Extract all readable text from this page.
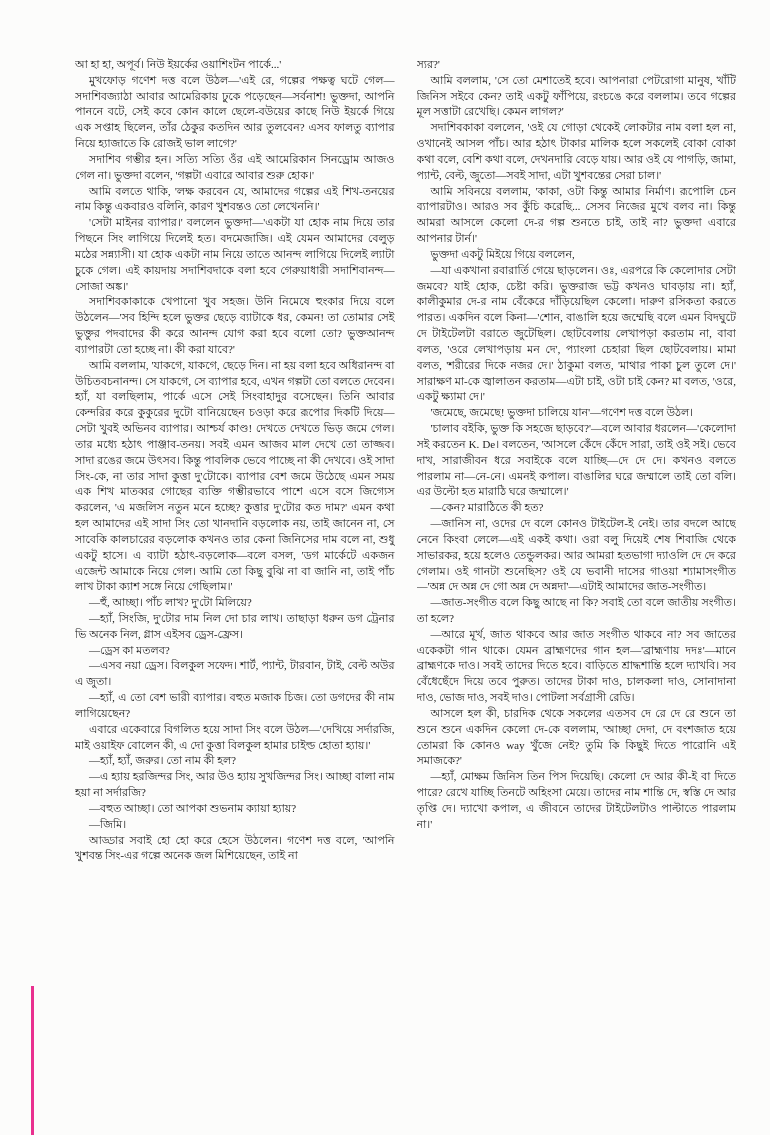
আ হা হা, অপূর্ব। নিউ ইয়র্কের ওয়াশিংটন পার্কে...'

মুখফোড় গণেশ দত্ত বলে উঠল—'এই রে, গল্পের পক্ষত্ব ঘটে গেল—সদাশিবজ্যাঠা আবার আমেরিকায় ঢুকে পড়েছেন—সর্বনাশ! ভুক্তদা, আপনি পাননে বটে, সেই কবে কোন কালে ছেলে-বউয়ের কাছে নিউ ইয়র্কে গিয়ে এক সপ্তাহ ছিলেন, তাঁর ঠেকুর কতদিন আর তুলবেন? এসব ফালতু ব্যাপার নিয়ে হ্যাজাতে কি রোজই ভাল লাগে?'

সদাশিব গম্ভীর হন। সত্যি সত্যি ওঁর এই আমেরিকান সিনড্রোম আজও গেল না। ভুক্তদা বলেন, 'গল্পটা এবারে আবার শুরু হোক।'

আমি বলতে থাকি, 'লক্ষ করবেন যে, আমাদের গল্পের এই শিখ-তনয়ের নাম কিন্তু একবারও বলিনি, কারণ খুশবন্তও তো লেখেননি।'

'সেটা মাইনর ব্যাপার।' বললেন ভুক্তদা—'একটা যা হোক নাম দিয়ে তার পিছনে সিং লাগিয়ে দিলেই হত। বদমেজাজি। এই যেমন আমাদের বেলুড় মঠের সন্ন্যাসী। যা হোক একটা নাম নিয়ে তাতে আনন্দ লাগিয়ে দিলেই ল্যাটা চুকে গেল। এই কায়দায় সদাশিবদাকে বলা হবে গেরুয়াধারী সদাশিবানন্দ—সোজা অঙ্ক।'

সদাশিবকাকাকে খেপানো খুব সহজ। উনি নিমেষে হুংকার দিয়ে বলে উঠলেন—'সব হিন্দি হলে ভুক্তর ছেড়ে ব্যাটাকে ধর, কেমন! তা তোমার সেই ভুক্তুর পদবাদের কী করে আনন্দ যোগ করা হবে বলো তো? ভুক্তআনন্দ ব্যাপারটা তো হচ্ছে না। কী করা যাবে?'

আমি বললাম, 'যাকগে, যাকগে, ছেড়ে দিন। না হয় বলা হবে অধিরানন্দ বা উচিতবচনানন্দ। সে যাকগে, সে ব্যাপার হবে, এখন গল্পটা তো বলতে দেবেন। হ্যাঁ, যা বলছিলাম, পার্কে এসে সেই সিংবাহাদুর বসেছেন। তিনি আবার কেন্দরির করে কুকুরের দুটো বানিয়েছেন চওড়া করে রূপোর দিকটি দিয়ে—সেটা খুবই অভিনব ব্যাপার। আশ্চর্য কাণ্ড! দেখতে দেখতে ভিড় জমে গেল। তার মধ্যে হঠাৎ পাঞ্জাব-তনয়। সবই এমন আজব মাল দেখে তো তাজ্জব। সাদা রঙের জমে উৎসব। কিন্তু পাবলিক ভেবে পাচ্ছে না কী দেখবে। ওই সাদা সিং-কে, না তার সাদা কুত্তা দু'টোকে। ব্যাপার বেশ জমে উঠেছে এমন সময় এক শিখ মাতব্বর গোছের ব্যক্তি গম্ভীরভাবে পাশে এসে বসে জিগ্যেস করলেন, 'এ মজলিস নতুন মনে হচ্ছে? কুত্তার দু'টোর কত দাম?' এমন কথা হল আমাদের এই সাদা সিং তো খানদানি বড়লোক নয়, তাই জানেন না, সে সাবেকি কালচারের বড়লোক কখনও তার কেনা জিনিসের দাম বলে না, শুধু একটু হাসে। এ ব্যাটা হঠাৎ-বড়লোক—বলে বসল, 'ডগ মার্কেটে একজন এজেন্ট আমাকে নিয়ে গেল। আমি তো কিছু বুঝি না বা জানি না, তাই পাঁচ লাখ টাকা ক্যাশ সঙ্গে নিয়ে গেছিলাম।'

—হুঁ, আচ্ছা। পাঁচ লাখ? দু'টো মিলিয়ে?

—হ্যাঁ, সিংজি, দু'টোর দাম নিল দো চার লাখ। তাছাড়া ধরুন ডগ ট্রেনার ভি অনেক নিল, গ্লাস এইসব ড্রেস-ফ্রেস।

—ড্রেস কা মতলব?

—এসব নয়া ড্রেস। বিলকুল সফেদ। শার্ট, প্যান্ট, টারবান, টাই, বেল্ট অউর এ জুতা।

—হ্যাঁ, এ তো বেশ ভারী ব্যাপার। বহুত মজাক চিজ। তো ডগদের কী নাম লাগিয়েছেন?

এবারে একেবারে বিগলিত হয়ে সাদা সিং বলে উঠল—'দেখিয়ে সর্দারজি, মাই ওয়াইফ বোলেন কী, এ দো কুত্তা বিলকুল হামার চাইল্ড হোতা হ্যায়।'

—হ্যাঁ, হ্যাঁ, জরুর। তো নাম কী হল?

—এ হ্যায় হরজিন্দর সিং, আর উও হ্যায় সুখজিন্দর সিং। আচ্ছা বালা নাম হয়া না সর্দারজি?

—বহুত আচ্ছা। তো আপকা শুভনাম ক্যায়া হ্যায়?

—জিমি।

আড্ডার সবাই হো হো করে হেসে উঠলেন। গণেশ দত্ত বলে, 'আপনি খুশবন্ত সিং-এর গল্পে অনেক জল মিশিয়েছেন, তাই না

স্যর?'

আমি বললাম, 'সে তো মেশাতেই হবে। আপনারা পেটরোগা মানুষ, খাঁটি জিনিস সইবে কেন? তাই একটু ফাঁপিয়ে, রংচঙে করে বললাম। তবে গল্পের মূল সত্তাটা রেখেছি। কেমন লাগল?'

সদাশিবকাকা বললেন, 'ওই যে গোড়া থেকেই লোকটার নাম বলা হল না, ওখানেই আসল পাঁচ। আর হঠাৎ টাকার মালিক হলে সকলেই বোকা বোকা কথা বলে, বেশি কথা বলে, দেখনদারি বেড়ে যায়। আর ওই যে পাগড়ি, জামা, প্যান্ট, বেল্ট, জুতো—সবই সাদা, এটা খুশবন্তের সেরা চাল।'

আমি সবিনয়ে বললাম, 'কাকা, ওটা কিন্তু আমার নির্মাণ। রূপোলি চেন ব্যাপারটাও। আরও সব কুঁচি করেছি... সেসব নিজের মুখে বলব না। কিন্তু আমরা আসলে কেলো দে-র গল্প শুনতে চাই, তাই না? ভুক্তদা এবারে আপনার টার্ন।'

ভুক্তদা একটু মিইয়ে গিয়ে বললেন,

—যা একখানা রবারার্তি গেয়ে ছাড়লেন। ওঃ, এরপরে কি কেলোদার সেটা জমবে? যাই হোক, চেষ্টা করি। ভুক্তরাজ ভট্ট কখনও ঘাবড়ায় না। হ্যাঁ, কালীকুমার দে-র নাম বেঁকেরে দাঁড়িয়েছিল কেলো। দারুণ রসিকতা করতে পারত। একদিন বলে কিনা—'শোন, বাঙালি হয়ে জম্মেছি বলে এমন বিদঘুটে দে টাইটেলটা বরাতে জুটেছিল। ছোটবেলায় লেখাপড়া করতাম না, বাবা বলত, 'ওরে লেখাপড়ায় মন দে', প্যাংলা চেহারা ছিল ছোটবেলায়। মামা বলত, 'শরীরের দিকে নজর দে।' ঠাকুমা বলত, 'মাথার পাকা চুল তুলে দে।' সারাক্ষণ মা-কে জ্বালাতন করতাম—এটা চাই, ওটা চাই কেন? মা বলত, 'ওরে, একটু ক্ষ্যামা দে।'

'জমেছে, জমেছে! ভুক্তদা চালিয়ে যান'—গণেশ দত্ত বলে উঠল।

'চালাব বইকি, ভুক্ত কি সহজে ছাড়বে?'—বলে আবার ধরলেন—'কেলোদা সই করতেন K. De। বলতেন, 'আসলে কেঁদে কেঁদে সারা, তাই ওই সই। ভেবে দাখ, সারাজীবন ধরে সবাইকে বলে যাচ্ছি—দে দে দে। কখনও বলতে পারলাম না—নে-নে। এমনই কপাল। বাঙালির ঘরে জম্মালে তাই তো বলি। এর উল্টো হত মারাঠি ঘরে জম্মালে।'

—কেন? মারাঠিতে কী হত?

—জানিস না, ওদের দে বলে কোনও টাইটেল-ই নেই। তার বদলে আছে নেনে কিংবা লেলে—এই একই কথা। ওরা বলু দিয়েই শেষ শিবাজি থেকে সাভারকর, হয়ে হলেও তেন্ডুলকর। আর আমরা হতভাগা দ্যাওলি দে দে করে গেলাম। ওই গানটা শুনেছিস? ওই যে ভবানী দাসের গাওয়া শ্যামাসংগীত—'অন্ন দে অন্ন দে গো অন্ন দে অন্নদা'—এটাই আমাদের জাত-সংগীত।

—জাত-সংগীত বলে কিছু আছে না কি? সবাই তো বলে জাতীয় সংগীত। তা হলে?

—আরে মূর্খ, জাত থাকবে আর জাত সংগীত থাকবে না? সব জাতের একেকটা গান থাকে। যেমন ব্রাহ্মণদের গান হল—'ব্রাহ্মণায় দদঃ'—মানে ব্রাহ্মণকে দাও। সবই তাদের দিতে হবে। বাড়িতে শ্রাদ্ধশান্তি হলে দ্যাখবি। সব বেঁধেছেঁদে দিয়ে তবে পুরুত। তাদের টাকা দাও, চালকলা দাও, সোনাদানা দাও, ভোজ দাও, সবই দাও। পোটলা সর্বগ্রাসী রেডি।

আসলে হল কী, চারদিক থেকে সকলের এতসব দে রে দে রে শুনে তা শুনে শুনে একদিন কেলো দে-কে বললাম, 'আচ্ছা দেদা, দে বংশজাত হয়ে তোমরা কি কোনও way খুঁজে নেই? তুমি কি কিছুই দিতে পারোনি এই সমাজকে?'

—হ্যাঁ, মোক্ষম জিনিস তিন পিস দিয়েছি। কেলো দে আর কী-ই বা দিতে পারে? রেখে যাচ্ছি তিনটে অহিংসা মেয়ে। তাদের নাম শান্তি দে, স্বস্তি দে আর তৃপ্তি দে। দ্যাখো কপাল, এ জীবনে তাদের টাইটেলটাও পাল্টাতে পারলাম না।'
